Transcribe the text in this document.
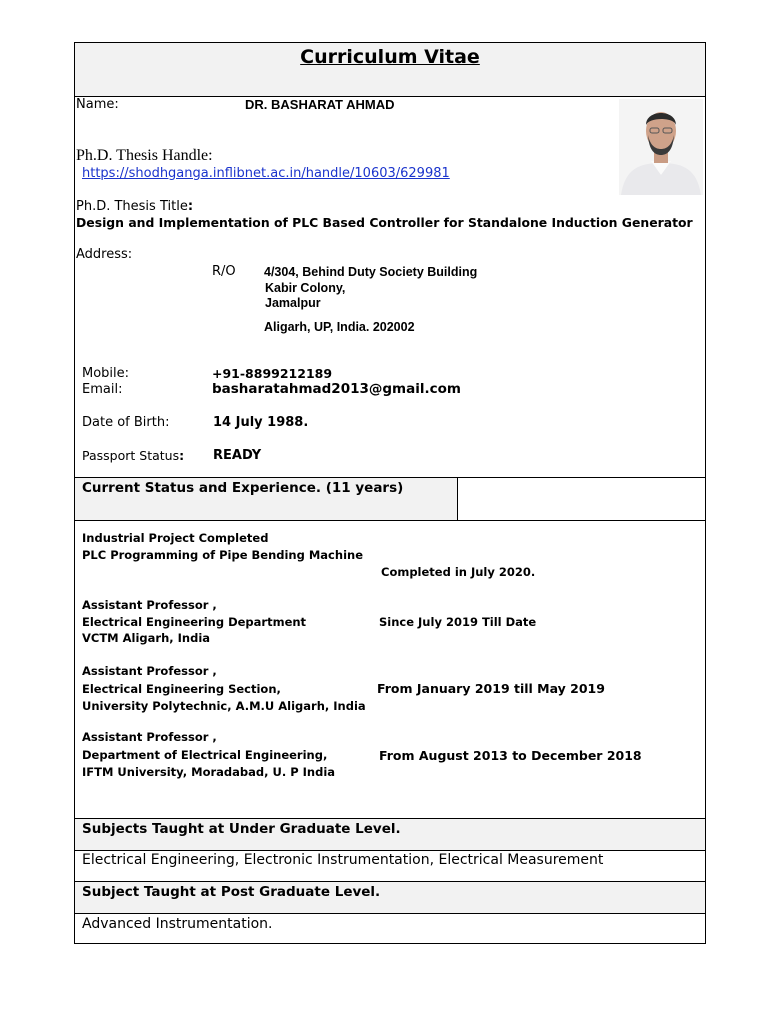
Curriculum Vitae
Name:	DR. BASHARAT AHMAD
Ph.D. Thesis Handle:
https://shodhganga.inflibnet.ac.in/handle/10603/629981
Ph.D. Thesis Title:
Design and Implementation of PLC Based Controller for Standalone Induction Generator
Address:
R/O 4/304, Behind Duty Society Building
Kabir Colony,
Jamalpur
Aligarh, UP, India. 202002
Mobile:	+91-8899212189
Email:	basharatahmad2013@gmail.com
Date of Birth:	14 July 1988.
Passport Status: READY
Current Status and Experience. (11 years)
Industrial Project Completed
PLC Programming of Pipe Bending Machine
Completed in July 2020.
Assistant Professor ,
Electrical Engineering Department	Since July 2019 Till Date
VCTM Aligarh, India
Assistant Professor ,
Electrical Engineering Section,	From January 2019 till May 2019
University Polytechnic, A.M.U Aligarh, India
Assistant Professor ,
Department of Electrical Engineering,	From August 2013 to December 2018
IFTM University, Moradabad, U. P India
Subjects Taught at Under Graduate Level.
Electrical Engineering, Electronic Instrumentation, Electrical Measurement
Subject Taught at Post Graduate Level.
Advanced Instrumentation.
